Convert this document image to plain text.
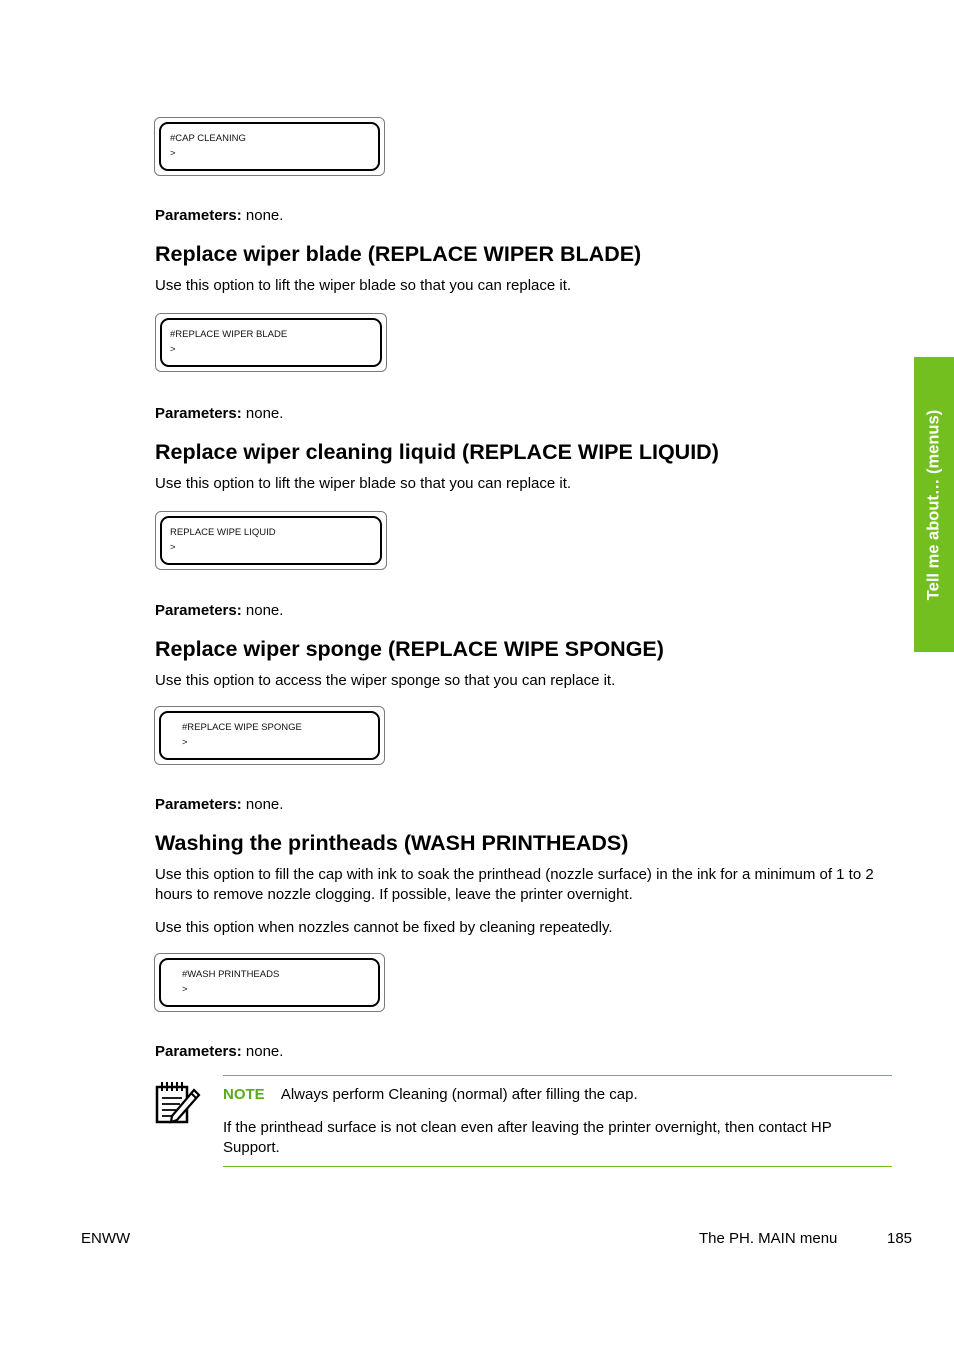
#CAP CLEANING
>
Parameters: none.
Replace wiper blade (REPLACE WIPER BLADE)
Use this option to lift the wiper blade so that you can replace it.
#REPLACE WIPER BLADE
>
Parameters: none.
Replace wiper cleaning liquid (REPLACE WIPE LIQUID)
Use this option to lift the wiper blade so that you can replace it.
REPLACE WIPE LIQUID
>
Parameters: none.
Replace wiper sponge (REPLACE WIPE SPONGE)
Use this option to access the wiper sponge so that you can replace it.
#REPLACE WIPE SPONGE
>
Parameters: none.
Washing the printheads (WASH PRINTHEADS)
Use this option to fill the cap with ink to soak the printhead (nozzle surface) in the ink for a minimum of 1 to 2 hours to remove nozzle clogging. If possible, leave the printer overnight.
Use this option when nozzles cannot be fixed by cleaning repeatedly.
#WASH PRINTHEADS
>
Parameters: none.
NOTE Always perform Cleaning (normal) after filling the cap.
If the printhead surface is not clean even after leaving the printer overnight, then contact HP Support.
Tell me about… (menus)
ENWW	The PH. MAIN menu	185
